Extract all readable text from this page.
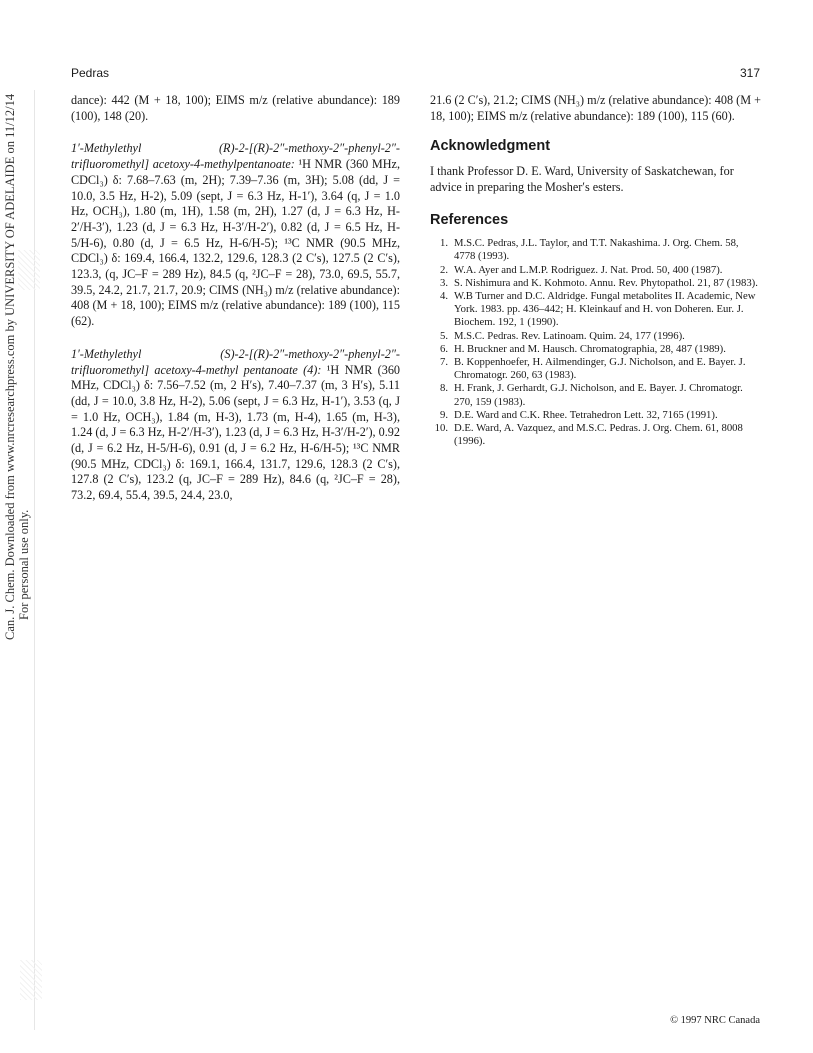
Pedras	317
Can. J. Chem. Downloaded from www.nrcresearchpress.com by UNIVERSITY OF ADELAIDE on 11/12/14 For personal use only.

dance): 442 (M + 18, 100); EIMS m/z (relative abundance): 189 (100), 148 (20).

1′-Methylethyl (R)-2-[(R)-2″-methoxy-2″-phenyl-2″-trifluoromethyl] acetoxy-4-methylpentanoate: ¹H NMR (360 MHz, CDCl₃) δ: 7.68–7.63 (m, 2H); 7.39–7.36 (m, 3H); 5.08 (dd, J = 10.0, 3.5 Hz, H-2), 5.09 (sept, J = 6.3 Hz, H-1′), 3.64 (q, J = 1.0 Hz, OCH₃), 1.80 (m, 1H), 1.58 (m, 2H), 1.27 (d, J = 6.3 Hz, H-2′/H-3′), 1.23 (d, J = 6.3 Hz, H-3′/H-2′), 0.82 (d, J = 6.5 Hz, H-5/H-6), 0.80 (d, J = 6.5 Hz, H-6/H-5); ¹³C NMR (90.5 MHz, CDCl₃) δ: 169.4, 166.4, 132.2, 129.6, 128.3 (2 C′s), 127.5 (2 C′s), 123.3, (q, JC–F = 289 Hz), 84.5 (q, ²JC–F = 28), 73.0, 69.5, 55.7, 39.5, 24.2, 21.7, 21.7, 20.9; CIMS (NH₃) m/z (relative abundance): 408 (M + 18, 100); EIMS m/z (relative abundance): 189 (100), 115 (62).

1′-Methylethyl (S)-2-[(R)-2″-methoxy-2″-phenyl-2″-trifluoromethyl] acetoxy-4-methyl pentanoate (4): ¹H NMR (360 MHz, CDCl₃) δ: 7.56–7.52 (m, 2 H′s), 7.40–7.37 (m, 3 H′s), 5.11 (dd, J = 10.0, 3.8 Hz, H-2), 5.06 (sept, J = 6.3 Hz, H-1′), 3.53 (q, J = 1.0 Hz, OCH₃), 1.84 (m, H-3), 1.73 (m, H-4), 1.65 (m, H-3), 1.24 (d, J = 6.3 Hz, H-2′/H-3′), 1.23 (d, J = 6.3 Hz, H-3′/H-2′), 0.92 (d, J = 6.2 Hz, H-5/H-6), 0.91 (d, J = 6.2 Hz, H-6/H-5); ¹³C NMR (90.5 MHz, CDCl₃) δ: 169.1, 166.4, 131.7, 129.6, 128.3 (2 C′s), 127.8 (2 C′s), 123.2 (q, JC–F = 289 Hz), 84.6 (q, ²JC–F = 28), 73.2, 69.4, 55.4, 39.5, 24.4, 23.0,

21.6 (2 C′s), 21.2; CIMS (NH₃) m/z (relative abundance): 408 (M + 18, 100); EIMS m/z (relative abundance): 189 (100), 115 (60).

Acknowledgment

I thank Professor D. E. Ward, University of Saskatchewan, for advice in preparing the Mosher′s esters.

References
1. M.S.C. Pedras, J.L. Taylor, and T.T. Nakashima. J. Org. Chem. 58, 4778 (1993).
2. W.A. Ayer and L.M.P. Rodriguez. J. Nat. Prod. 50, 400 (1987).
3. S. Nishimura and K. Kohmoto. Annu. Rev. Phytopathol. 21, 87 (1983).
4. W.B Turner and D.C. Aldridge. Fungal metabolites II. Academic, New York. 1983. pp. 436–442; H. Kleinkauf and H. von Doheren. Eur. J. Biochem. 192, 1 (1990).
5. M.S.C. Pedras. Rev. Latinoam. Quim. 24, 177 (1996).
6. H. Bruckner and M. Hausch. Chromatographia, 28, 487 (1989).
7. B. Koppenhoefer, H. Ailmendinger, G.J. Nicholson, and E. Bayer. J. Chromatogr. 260, 63 (1983).
8. H. Frank, J. Gerhardt, G.J. Nicholson, and E. Bayer. J. Chromatogr. 270, 159 (1983).
9. D.E. Ward and C.K. Rhee. Tetrahedron Lett. 32, 7165 (1991).
10. D.E. Ward, A. Vazquez, and M.S.C. Pedras. J. Org. Chem. 61, 8008 (1996).
© 1997 NRC Canada
